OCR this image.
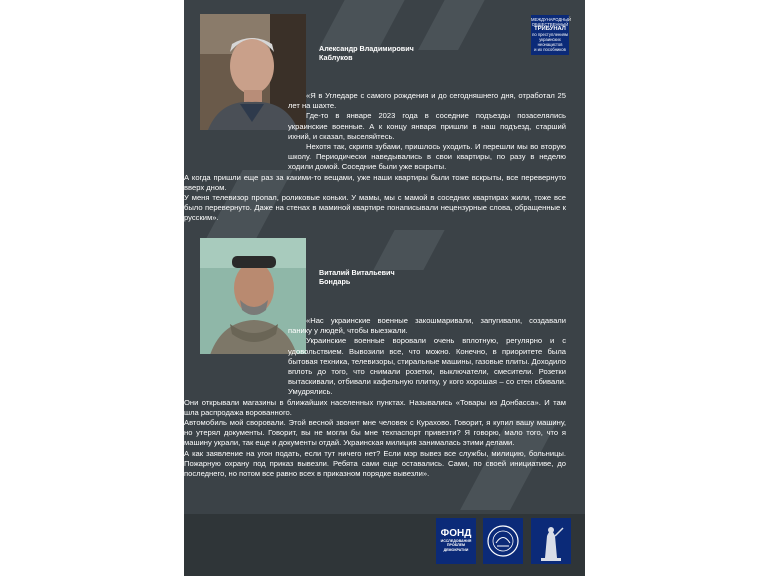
Александр Владимирович
Каблуков
МЕЖДУНАРОДНЫЙ
ОБЩЕСТВЕННЫЙ
ТРИБУНАЛ
по преступлениям
украинских
неонацистов
и их пособников

«Я в Угледаре с самого рождения и до сегодняшнего дня, отработал 25 лет на шахте.

Где-то в январе 2023 года в соседние подъезды позаселялись украинские военные. А к концу января пришли в наш подъезд, старший ихний, и сказал, выселяйтесь.

Нехотя так, скрипя зубами, пришлось уходить. И перешли мы во вторую школу. Периодически наведывались в свои квартиры, по разу в неделю ходили домой. Соседние были уже вскрыты.

А когда пришли еще раз за какими-то вещами, уже наши квартиры были тоже вскрыты, все перевернуто вверх дном.

У меня телевизор пропал, роликовые коньки. У мамы, мы с мамой в соседних квартирах жили, тоже все было перевернуто. Даже на стенах в маминой квартире понаписывали нецензурные слова, обращенные к русским».

Виталий Витальевич
Бондарь

«Нас украинские военные закошмаривали, запугивали, создавали панику у людей, чтобы выезжали.

Украинские военные воровали очень вплотную, регулярно и с удовольствием. Вывозили все, что можно. Конечно, в приоритете была бытовая техника, телевизоры, стиральные машины, газовые плиты. Доходило вплоть до того, что снимали розетки, выключатели, смесители. Розетки вытаскивали, отбивали кафельную плитку, у кого хорошая – со стен сбивали. Умудрялись.

Они открывали магазины в ближайших населенных пунктах. Назывались «Товары из Донбасса». И там шла распродажа ворованного.

Автомобиль мой своровали. Этой весной звонит мне человек с Курахово. Говорит, я купил вашу машину, но утерял документы. Говорит, вы не могли бы мне техпаспорт привезти? Я говорю, мало того, что я машину украли, так еще и документы отдай. Украинская милиция занималась этими делами.

А как заявление на угон подать, если тут ничего нет? Если мэр вывез все службы, милицию, больницы. Пожарную охрану под приказ вывезли. Ребята сами еще оставались. Сами, по своей инициативе, до последнего, но потом все равно всех в приказном порядке вывезли».

ФОНД
ИССЛЕДОВАНИЯ
ПРОБЛЕМ
ДЕМОКРАТИИ
